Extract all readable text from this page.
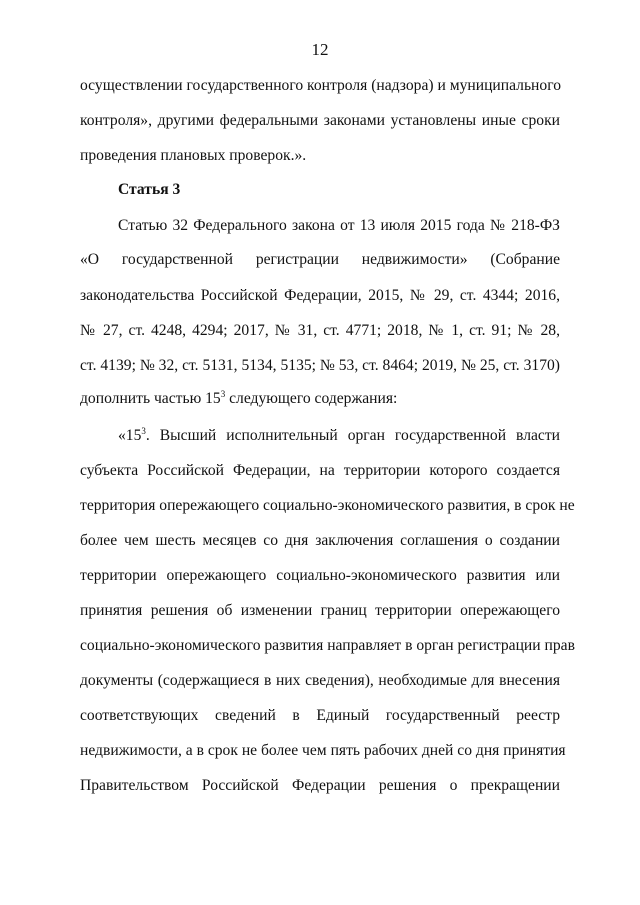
12
осуществлении государственного контроля (надзора) и муниципального
контроля», другими федеральными законами установлены иные сроки
проведения плановых проверок.».
Статья 3
Статью 32 Федерального закона от 13 июля 2015 года № 218-ФЗ
«О государственной регистрации недвижимости» (Собрание
законодательства Российской Федерации, 2015, № 29, ст. 4344; 2016,
№ 27, ст. 4248, 4294; 2017, № 31, ст. 4771; 2018, № 1, ст. 91; № 28,
ст. 4139; № 32, ст. 5131, 5134, 5135; № 53, ст. 8464; 2019, № 25, ст. 3170)
дополнить частью $15^3$ следующего содержания:
«$15^3$. Высший исполнительный орган государственной власти
субъекта Российской Федерации, на территории которого создается
территория опережающего социально-экономического развития, в срок не
более чем шесть месяцев со дня заключения соглашения о создании
территории опережающего социально-экономического развития или
принятия решения об изменении границ территории опережающего
социально-экономического развития направляет в орган регистрации прав
документы (содержащиеся в них сведения), необходимые для внесения
соответствующих сведений в Единый государственный реестр
недвижимости, а в срок не более чем пять рабочих дней со дня принятия
Правительством Российской Федерации решения о прекращении
